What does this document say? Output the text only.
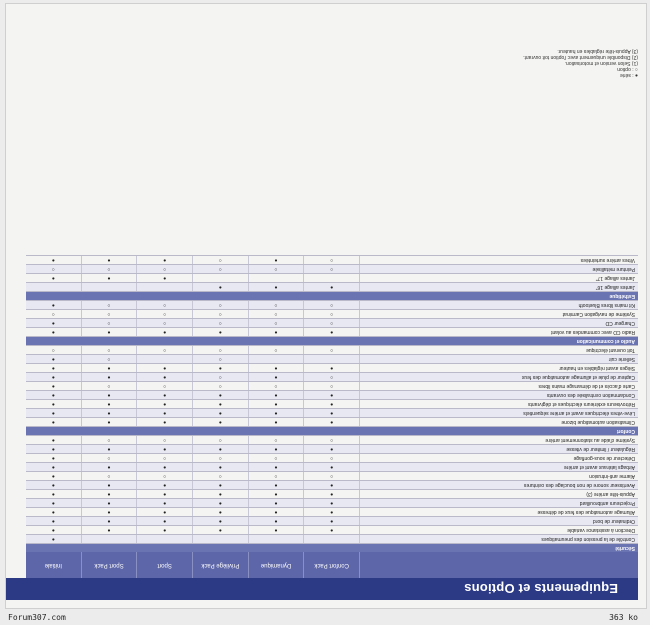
Equipements et Options
Confort Pack
Dynamique
Privilège Pack
Sport
Sport Pack
Initiale
Sécurité
Contrôle de la pression des pneumatiques
●
Direction à assistance variable
●
●
●
●
●
●
Ordinateur de bord
●
●
●
●
●
●
Allumage automatique des feux de détresse
●
●
●
●
●
●
Projecteurs antibrouillard
●
●
●
●
●
●
Appuis-tête arrière (3)
●
●
●
●
●
●
Avertisseur sonore de non bouclage des ceintures
●
●
●
●
●
●
Alarme anti-intrusion
○
○
○
○
○
●
Airbags latéraux avant et arrière
●
●
●
●
●
●
Détecteur de sous-gonflage
○
○
○
○
○
●
Régulateur / limiteur de vitesse
●
●
●
●
●
●
Système d'aide au stationnement arrière
○
○
○
○
○
●
Confort
Climatisation automatique bizone
●
●
●
●
●
●
Lève-vitres électriques avant et arrière séquentiels
●
●
●
●
●
●
Rétroviseurs extérieurs électriques et dégivrants
●
●
●
●
●
●
Condamnation centralisée des ouvrants
●
●
●
●
●
●
Carte d'accès et de démarrage mains libres
○
○
○
○
○
●
Capteur de pluie et allumage automatique des feux
○
●
○
●
●
●
Sièges avant réglables en hauteur
●
●
●
●
●
●
Sellerie cuir
○
○
●
Toit ouvrant électrique
○
○
○
○
○
○
Audio et communication
Radio CD avec commandes au volant
●
●
●
●
●
●
Chargeur CD
○
○
○
○
○
●
Système de navigation Carminat
○
○
○
○
○
○
Kit mains libres Bluetooth
○
○
○
○
○
●
Esthétique
Jantes alliage 16"
●
●
●
Jantes alliage 17"
●
●
●
Peinture métallisée
○
○
○
○
○
○
Vitres arrière surteintées
○
●
○
●
●
●
● : série
○ : option
(1) Selon version et motorisation.
(2) Disponible uniquement avec l'option toit ouvrant.
(3) Appuis-tête réglables en hauteur.
Forum307.com	363 ko
